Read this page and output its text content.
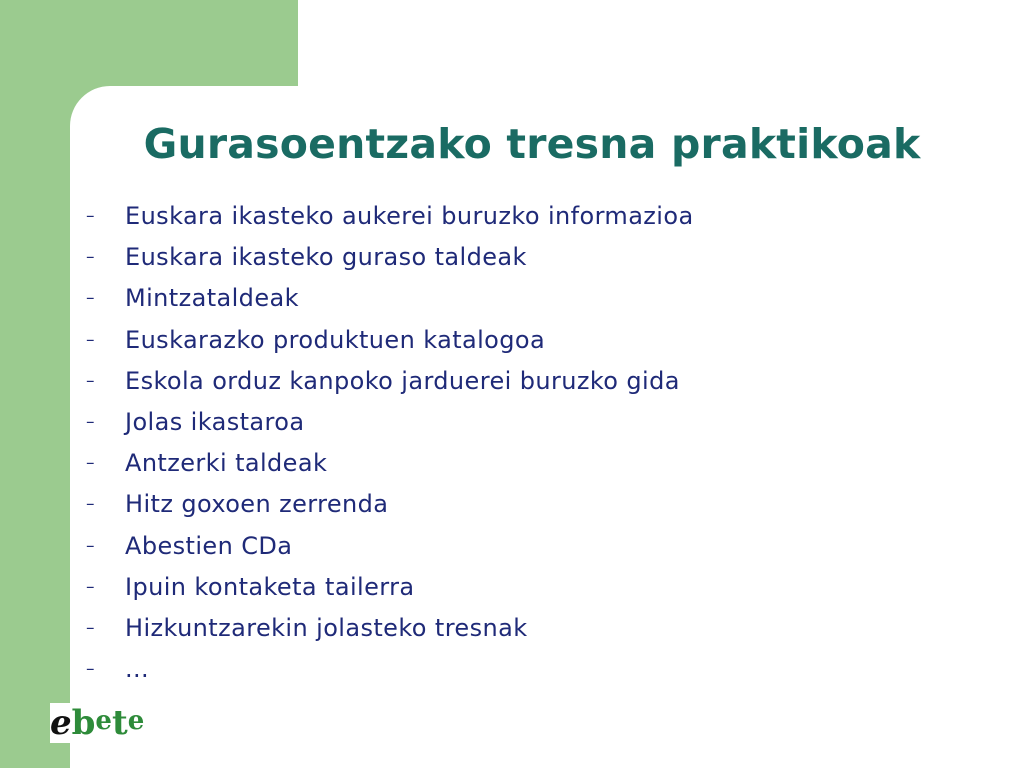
Gurasoentzako tresna praktikoak
– Euskara ikasteko aukerei buruzko informazioa
– Euskara ikasteko guraso taldeak
– Mintzataldeak
– Euskarazko produktuen katalogoa
– Eskola orduz kanpoko jarduerei buruzko gida
– Jolas ikastaroa
– Antzerki taldeak
– Hitz goxoen zerrenda
– Abestien CDa
– Ipuin kontaketa tailerra
– Hizkuntzarekin jolasteko tresnak
– ...
ebete
